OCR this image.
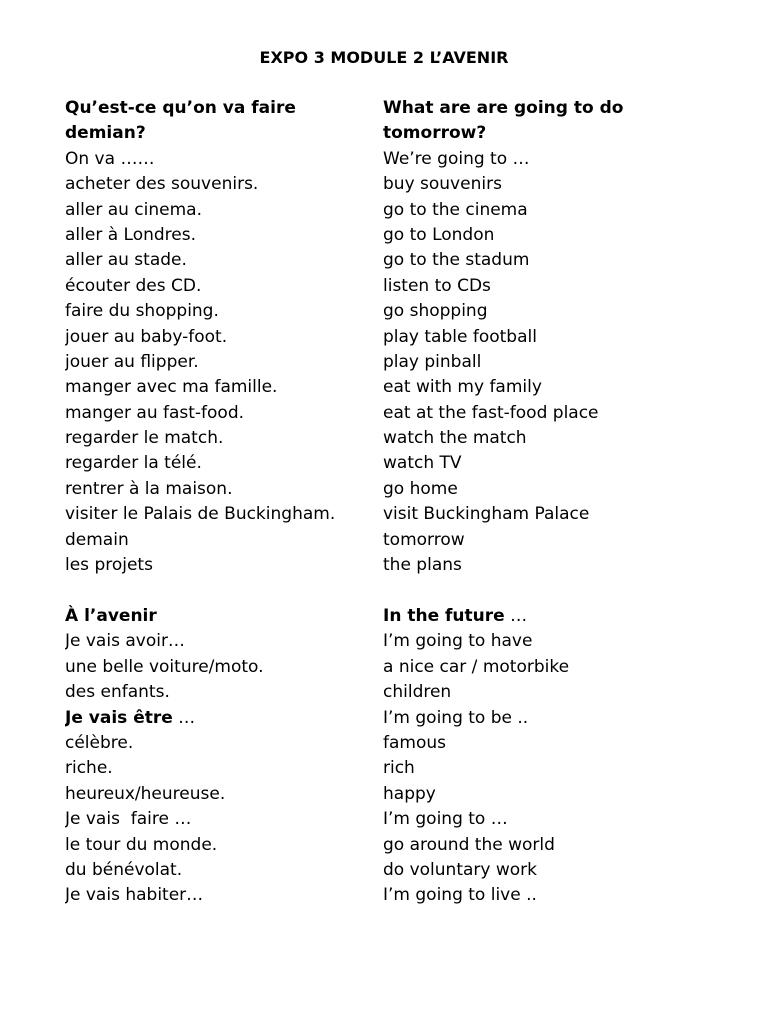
EXPO 3 MODULE 2 L’AVENIR
Qu’est-ce qu’on va faire	What are are going to do
demian?	tomorrow?
On va ……	We’re going to …
acheter des souvenirs.	buy souvenirs
aller au cinema.	go to the cinema
aller à Londres.	go to London
aller au stade.	go to the stadum
écouter des CD.	listen to CDs
faire du shopping.	go shopping
jouer au baby-foot.	play table football
jouer au flipper.	play pinball
manger avec ma famille.	eat with my family
manger au fast-food.	eat at the fast-food place
regarder le match.	watch the match
regarder la télé.	watch TV
rentrer à la maison.	go home
visiter le Palais de Buckingham.	visit Buckingham Palace
demain	tomorrow
les projets	the plans
À l’avenir	In the future …
Je vais avoir…	I’m going to have
une belle voiture/moto.	a nice car / motorbike
des enfants.	children
Je vais être …	I’m going to be ..
célèbre.	famous
riche.	rich
heureux/heureuse.	happy
Je vais  faire …	I’m going to …
le tour du monde.	go around the world
du bénévolat.	do voluntary work
Je vais habiter…	I’m going to live ..
